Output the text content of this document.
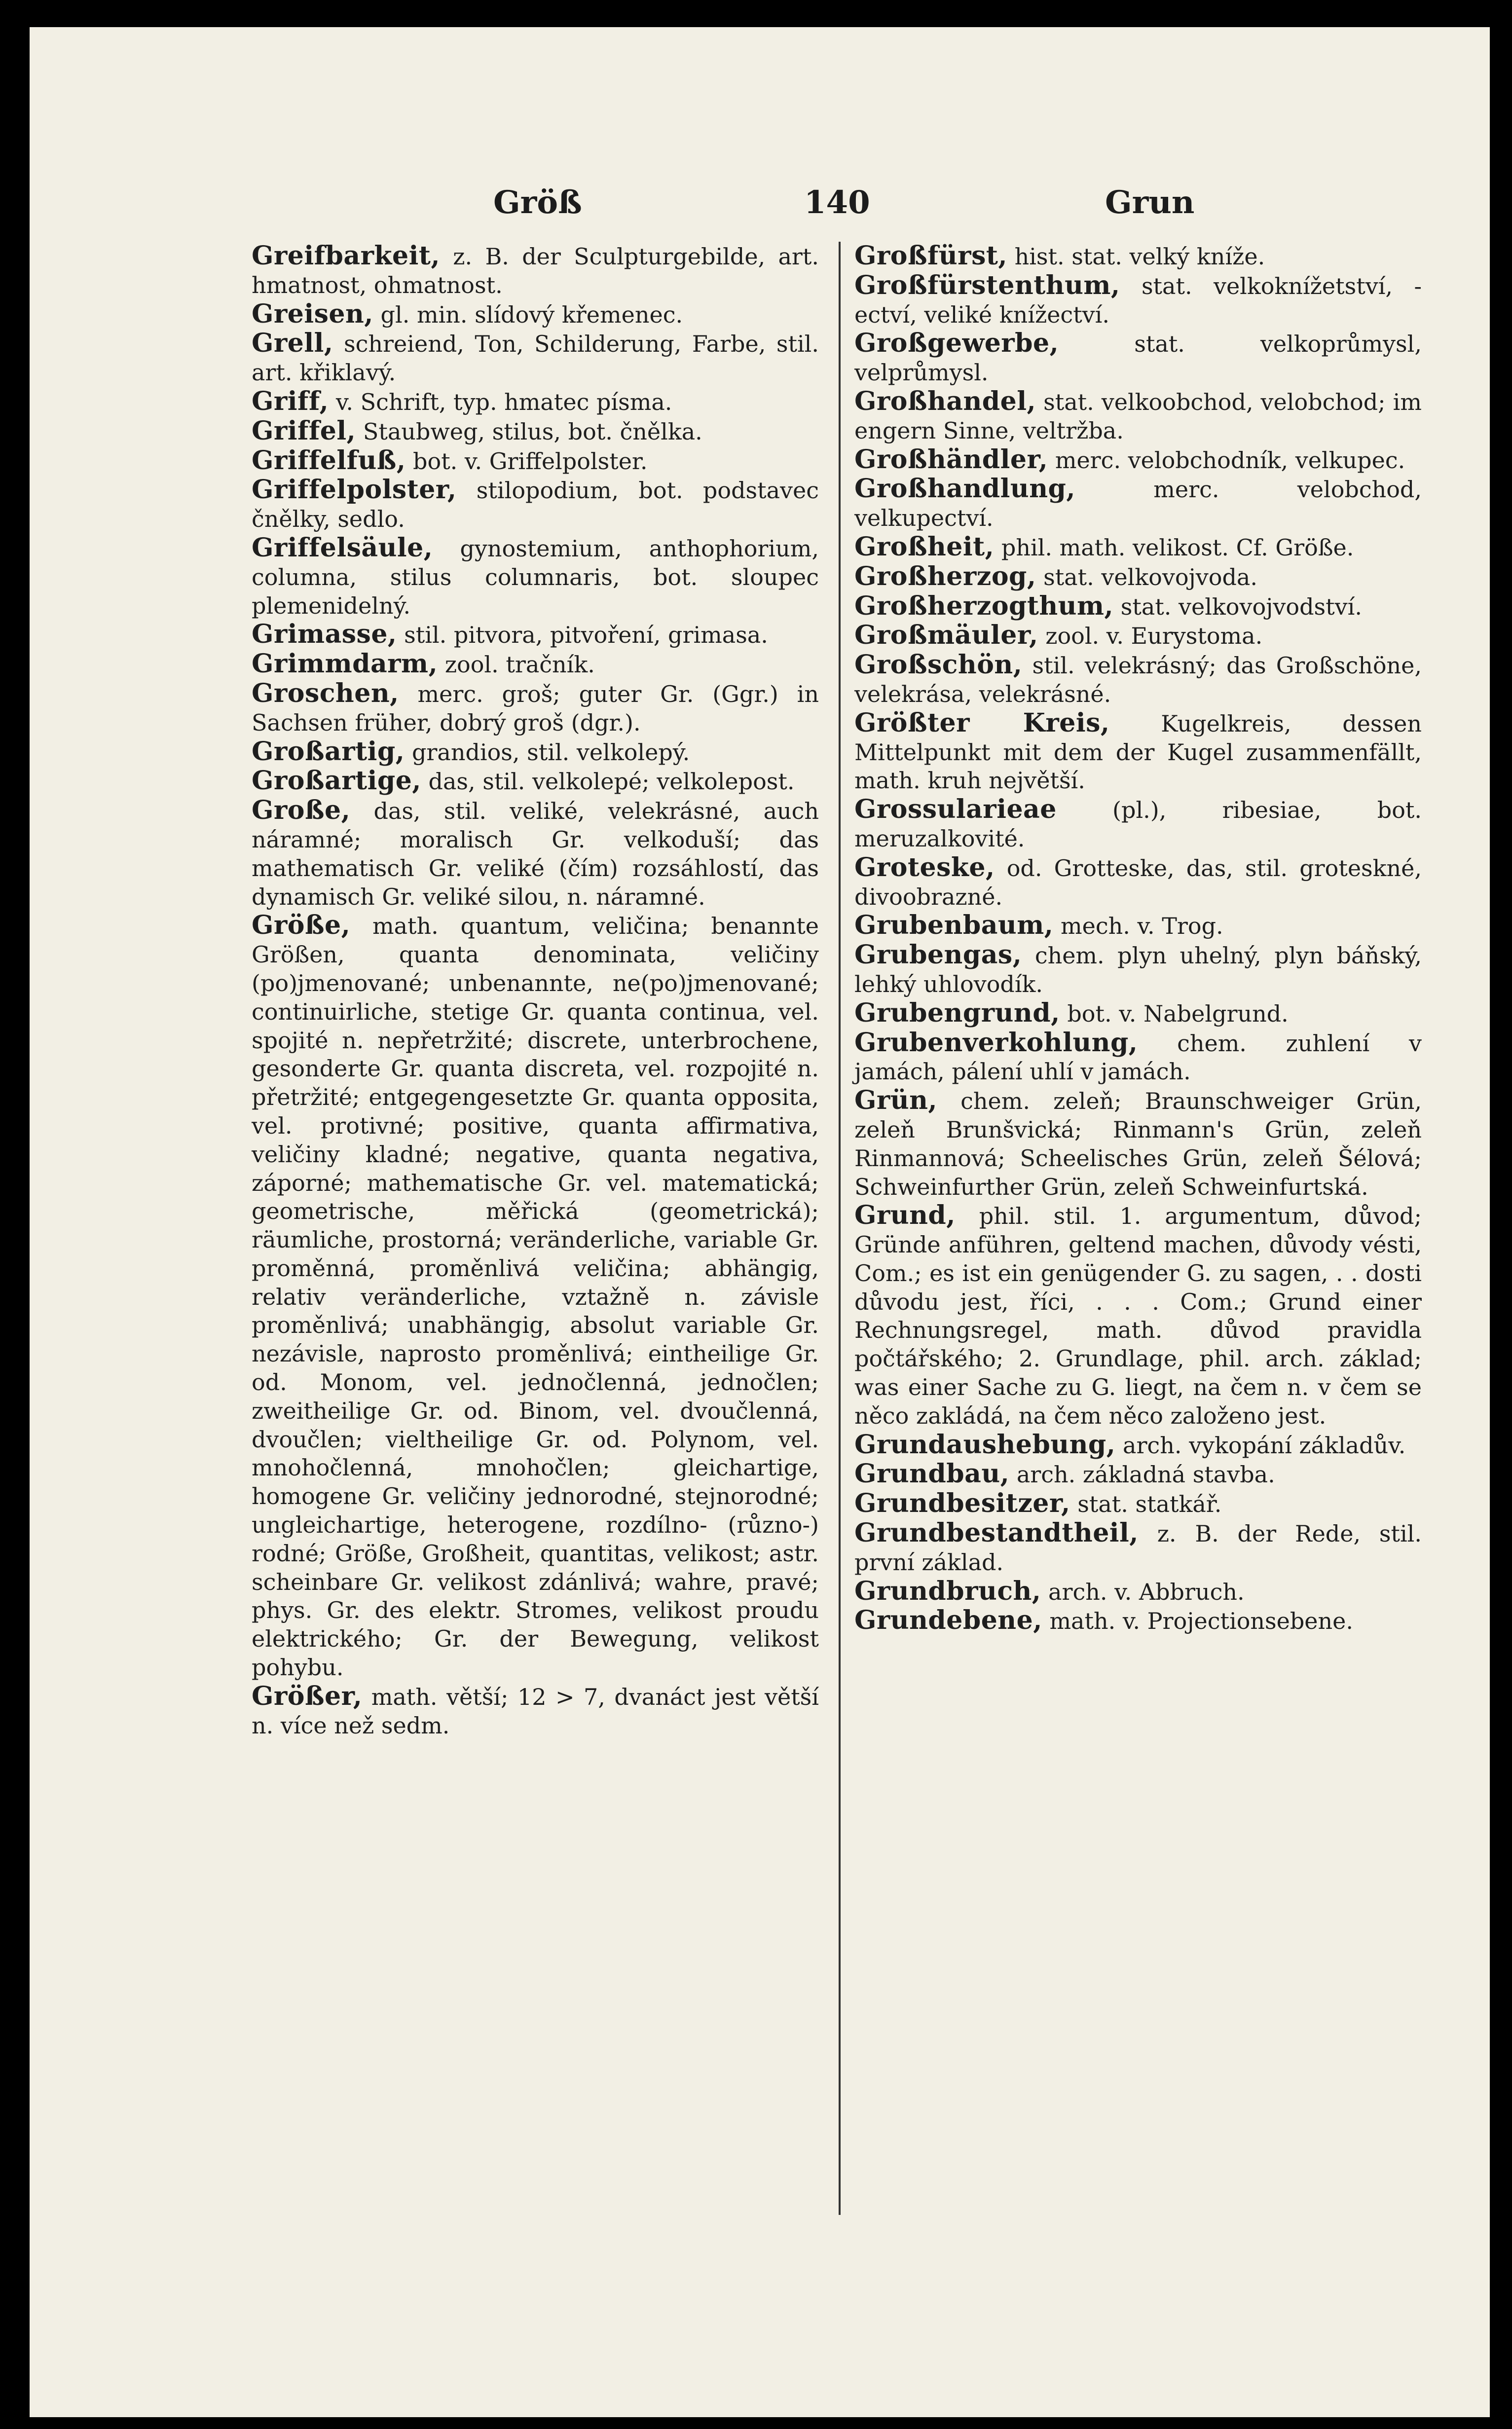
Größ	140	Grun

Greifbarkeit, z. B. der Sculpturgebilde, art. hmatnost, ohmatnost.

Greisen, gl. min. slídový křemenec.

Grell, schreiend, Ton, Schilderung, Farbe, stil. art. křiklavý.

Griff, v. Schrift, typ. hmatec písma.

Griffel, Staubweg, stilus, bot. čnělka.

Griffelfuß, bot. v. Griffelpolster.

Griffelpolster, stilopodium, bot. podstavec čnělky, sedlo.

Griffelsäule, gynostemium, anthophorium, columna, stilus columnaris, bot. sloupec plemenidelný.

Grimasse, stil. pitvora, pitvoření, grimasa.

Grimmdarm, zool. tračník.

Groschen, merc. groš; guter Gr. (Ggr.) in Sachsen früher, dobrý groš (dgr.).

Großartig, grandios, stil. velkolepý.

Großartige, das, stil. velkolepé; velkolepost.

Große, das, stil. veliké, velekrásné, auch náramné; moralisch Gr. velkoduší; das mathematisch Gr. veliké (čím) rozsáhlostí, das dynamisch Gr. veliké silou, n. náramné.

Größe, math. quantum, veličina; benannte Größen, quanta denominata, veličiny (po)jmenované; unbenannte, ne(po)jmenované; continuirliche, stetige Gr. quanta continua, vel. spojité n. nepřetržité; discrete, unterbrochene, gesonderte Gr. quanta discreta, vel. rozpojité n. přetržité; entgegengesetzte Gr. quanta opposita, vel. protivné; positive, quanta affirmativa, veličiny kladné; negative, quanta negativa, záporné; mathematische Gr. vel. matematická; geometrische, měřická (geometrická); räumliche, prostorná; veränderliche, variable Gr. proměnná, proměnlivá veličina; abhängig, relativ veränderliche, vztažně n. závisle proměnlivá; unabhängig, absolut variable Gr. nezávisle, naprosto proměnlivá; eintheilige Gr. od. Monom, vel. jednočlenná, jednočlen; zweitheilige Gr. od. Binom, vel. dvoučlenná, dvoučlen; vieltheilige Gr. od. Polynom, vel. mnohočlenná, mnohočlen; gleichartige, homogene Gr. veličiny jednorodné, stejnorodné; ungleichartige, heterogene, rozdílno- (různo-) rodné; Größe, Großheit, quantitas, velikost; astr. scheinbare Gr. velikost zdánlivá; wahre, pravé; phys. Gr. des elektr. Stromes, velikost proudu elektrického; Gr. der Bewegung, velikost pohybu.

Größer, math. větší; 12 > 7, dvanáct jest větší n. více než sedm.

Großfürst, hist. stat. velký kníže.

Großfürstenthum, stat. velkoknížetství, -ectví, veliké knížectví.

Großgewerbe,	stat. velkoprůmysl, velprůmysl.

Großhandel, stat. velkoobchod, velobchod; im engern Sinne, veltržba.

Großhändler, merc. velobchodník, velkupec.

Großhandlung,	merc. velobchod, velkupectví.

Großheit, phil. math. velikost. Cf. Größe.

Großherzog, stat. velkovojvoda.

Großherzogthum, stat. velkovojvodství.

Großmäuler, zool. v. Eurystoma.

Großschön, stil. velekrásný; das Großschöne, velekrása, velekrásné.

Größter Kreis, Kugelkreis, dessen Mittelpunkt mit dem der Kugel zusammenfällt, math. kruh největší.

Grossularieae (pl.), ribesiae, bot. meruzalkovité.

Groteske, od. Grotteske, das, stil. groteskné, divoobrazné.

Grubenbaum, mech. v. Trog.

Grubengas, chem. plyn uhelný, plyn báňský, lehký uhlovodík.

Grubengrund, bot. v. Nabelgrund.

Grubenverkohlung, chem. zuhlení v jamách, pálení uhlí v jamách.

Grün, chem. zeleň; Braunschweiger Grün, zeleň Brunšvická; Rinmann's Grün, zeleň Rinmannová; Scheelisches Grün, zeleň Šélová; Schweinfurther Grün, zeleň Schweinfurtská.

Grund, phil. stil. 1. argumentum, důvod; Gründe anführen, geltend machen, důvody vésti, Com.; es ist ein genügender G. zu sagen, . . dosti důvodu jest, říci, . . . Com.; Grund einer Rechnungsregel, math. důvod pravidla počtářského; 2. Grundlage, phil. arch. základ; was einer Sache zu G. liegt, na čem n. v čem se něco zakládá, na čem něco založeno jest.

Grundaushebung, arch. vykopání základův.

Grundbau, arch. základná stavba.

Grundbesitzer, stat. statkář.

Grundbestandtheil, z. B. der Rede, stil. první základ.

Grundbruch, arch. v. Abbruch.

Grundebene, math. v. Projectionsebene.
